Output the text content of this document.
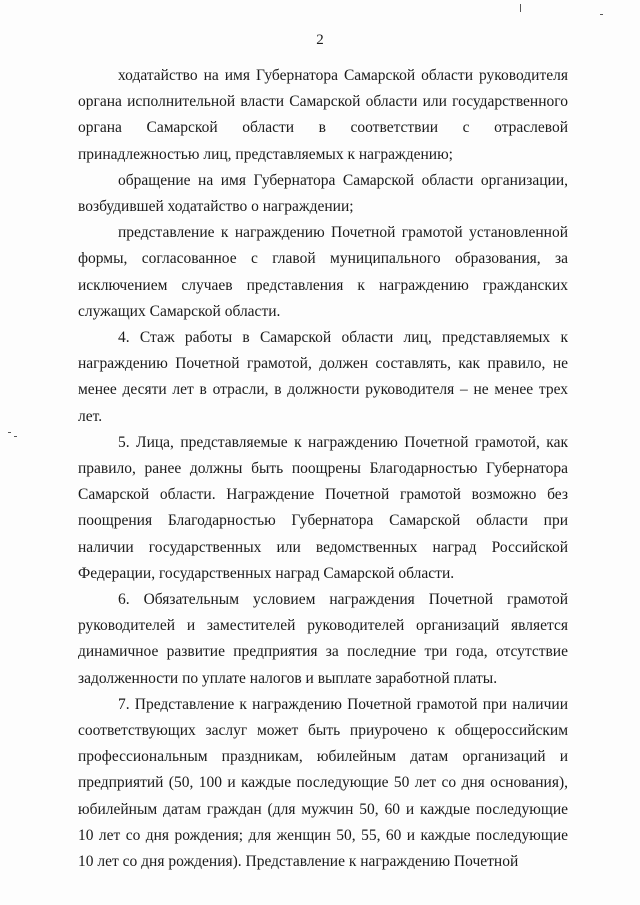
2

ходатайство на имя Губернатора Самарской области руководителя органа исполнительной власти Самарской области или государственного органа Самарской области в соответствии с отраслевой принадлежностью лиц, представляемых к награждению;

обращение на имя Губернатора Самарской области организации, возбудившей ходатайство о награждении;

представление к награждению Почетной грамотой установленной формы, согласованное с главой муниципального образования, за исключением случаев представления к награждению гражданских служащих Самарской области.

4. Стаж работы в Самарской области лиц, представляемых к награждению Почетной грамотой, должен составлять, как правило, не менее десяти лет в отрасли, в должности руководителя – не менее трех лет.

5. Лица, представляемые к награждению Почетной грамотой, как правило, ранее должны быть поощрены Благодарностью Губернатора Самарской области. Награждение Почетной грамотой возможно без поощрения Благодарностью Губернатора Самарской области при наличии государственных или ведомственных наград Российской Федерации, государственных наград Самарской области.

6. Обязательным условием награждения Почетной грамотой руководителей и заместителей руководителей организаций является динамичное развитие предприятия за последние три года, отсутствие задолженности по уплате налогов и выплате заработной платы.

7. Представление к награждению Почетной грамотой при наличии соответствующих заслуг может быть приурочено к общероссийским профессиональным праздникам, юбилейным датам организаций и предприятий (50, 100 и каждые последующие 50 лет со дня основания), юбилейным датам граждан (для мужчин 50, 60 и каждые последующие 10 лет со дня рождения; для женщин 50, 55, 60 и каждые последующие 10 лет со дня рождения). Представление к награждению Почетной
